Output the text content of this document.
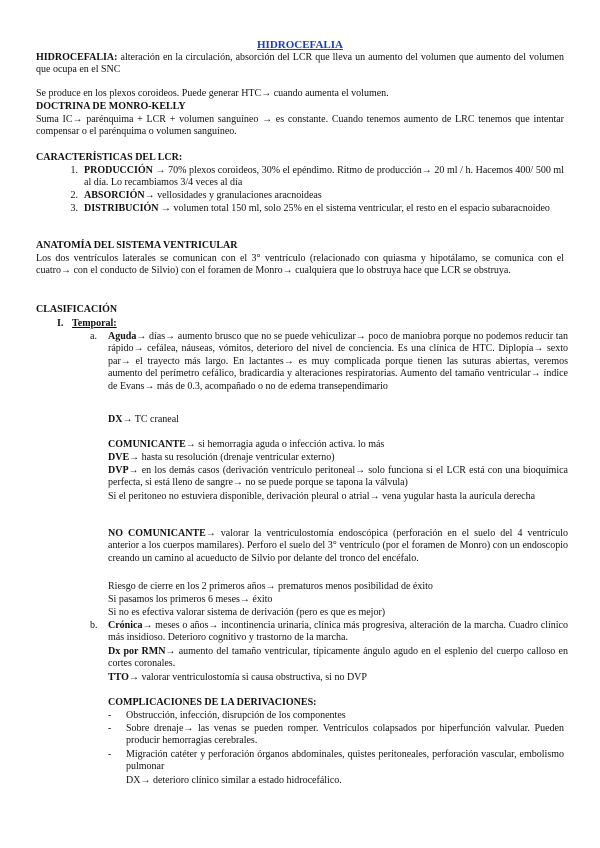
HIDROCEFALIA
HIDROCEFALIA: alteración en la circulación, absorción del LCR que lleva un aumento del volumen que aumento del volumen que ocupa en el SNC
Se produce en los plexos coroideos. Puede generar HTC→ cuando aumenta el volumen.
DOCTRINA DE MONRO-KELLY
Suma IC→ parénquima + LCR + volumen sanguíneo → es constante. Cuando tenemos aumento de LRC tenemos que intentar compensar o el parénquima o volumen sanguíneo.
CARACTERÍSTICAS DEL LCR:
1. PRODUCCIÓN → 70% plexos coroideos, 30% el epéndimo. Ritmo de producción→ 20 ml / h. Hacemos 400/ 500 ml al día. Lo recambiamos 3/4 veces al día
2. ABSORCIÓN→ vellosidades y granulaciones aracnoideas
3. DISTRIBUCIÓN → volumen total 150 ml, solo 25% en el sistema ventricular, el resto en el espacio subaracnoideo
ANATOMÍA DEL SISTEMA VENTRICULAR
Los dos ventrículos laterales se comunican con el 3° ventrículo (relacionado con quiasma y hipotálamo, se comunica con el cuatro→ con el conducto de Silvio) con el foramen de Monro→ cualquiera que lo obstruya hace que LCR se obstruya.
CLASIFICACIÓN
I. Temporal:
a. Aguda→ días→ aumento brusco que no se puede vehiculizar→ poco de maniobra porque no podemos reducir tan rápido→ cefálea, náuseas, vómitos, deterioro del nivel de conciencia. Es una clínica de HTC. Diplopía→ sexto par→ el trayecto más largo. En lactantes→ es muy complicada porque tienen las suturas abiertas, veremos aumento del perímetro cefálico, bradicardia y alteraciones respiratorias. Aumento del tamaño ventricular→ índice de Evans→ más de 0.3, acompañado o no de edema transependimario
DX→ TC craneal
COMUNICANTE→ si hemorragia aguda o infección activa. lo más
DVE→ hasta su resolución (drenaje ventricular externo)
DVP→ en los demás casos (derivación ventrículo peritoneal→ solo funciona si el LCR está con una bioquímica perfecta, si está lleno de sangre→ no se puede porque se tapona la válvula)
Si el peritoneo no estuviera disponible, derivación pleural o atrial→ vena yugular hasta la aurícula derecha
NO COMUNICANTE→ valorar la ventriculostomía endoscópica (perforación en el suelo del 4 ventrículo anterior a los cuerpos mamilares). Perforo el suelo del 3° ventrículo (por el foramen de Monro) con un endoscopio creando un camino al acueducto de Silvio por delante del tronco del encéfalo.
Riesgo de cierre en los 2 primeros años→ prematuros menos posibilidad de éxito
Si pasamos los primeros 6 meses→ éxito
Si no es efectiva valorar sistema de derivación (pero es que es mejor)
b. Crónica→ meses o años→ incontinencia urinaria, clínica más progresiva, alteración de la marcha. Cuadro clínico más insidioso. Deterioro cognitivo y trastorno de la marcha.
Dx por RMN→ aumento del tamaño ventricular, típicamente ángulo agudo en el esplenio del cuerpo calloso en cortes coronales.
TTO→ valorar ventriculostomía si causa obstructiva, si no DVP
COMPLICACIONES DE LA DERIVACIONES:
-	Obstrucción, infección, disrupción de los componentes
-	Sobre drenaje→ las venas se pueden romper. Ventrículos colapsados por hiperfunción valvular. Pueden producir hemorragias cerebrales.
-	Migración catéter y perforación órganos abdominales, quistes peritoneales, perforación vascular, embolismo pulmonar
DX→ deterioro clínico similar a estado hidrocefálico.
